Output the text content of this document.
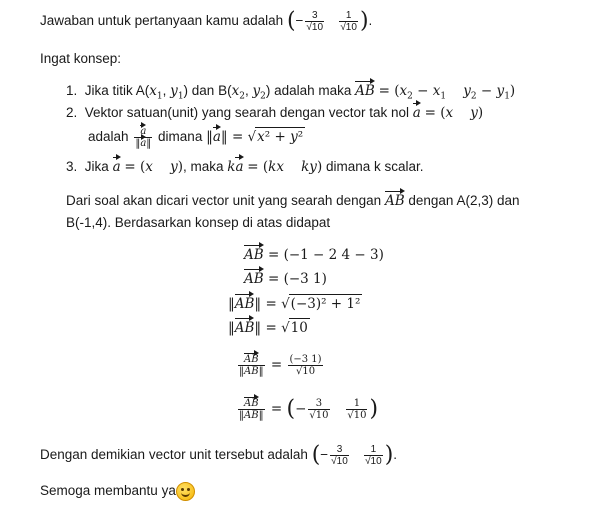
Jawaban untuk pertanyaan kamu adalah (− $\frac{3}{√10}$
$\frac{1}{√10}$ ).
Ingat konsep:
1. Jika titik $A(x_1$, $y_1$) dan $B(x_2$, $y_2$) adalah maka AB = ($x_2 - x_1$ $y_2 - y_1$)
2. Vektor satuan(unit) yang searah dengan vector tak nol a = (x y)
adalah $\frac{a}{‖a‖}$ dimana ‖a‖ = √x² + y²
3. Jika a = (x y), maka ka = (kx ky) dimana k scalar.
Dari soal akan dicari vector unit yang searah dengan AB dengan A(2,3) dan
B(-1,4). Berdasarkan konsep di atas didapat
AB = (−1 − 2 4 − 3)
AB = (−3 1)
‖AB‖ = √(−3)² + 1²
‖AB‖ = √10
$\frac{AB}{‖AB‖} = \frac{(-3 1)}{√10}$
$\frac{AB}{‖AB‖}$ = (− $\frac{3}{√10}$
$\frac{1}{√10}$ )
Dengan demikian vector unit tersebut adalah (− $\frac{3}{√10}$
$\frac{1}{√10}$ ).
Semoga membantu ya
